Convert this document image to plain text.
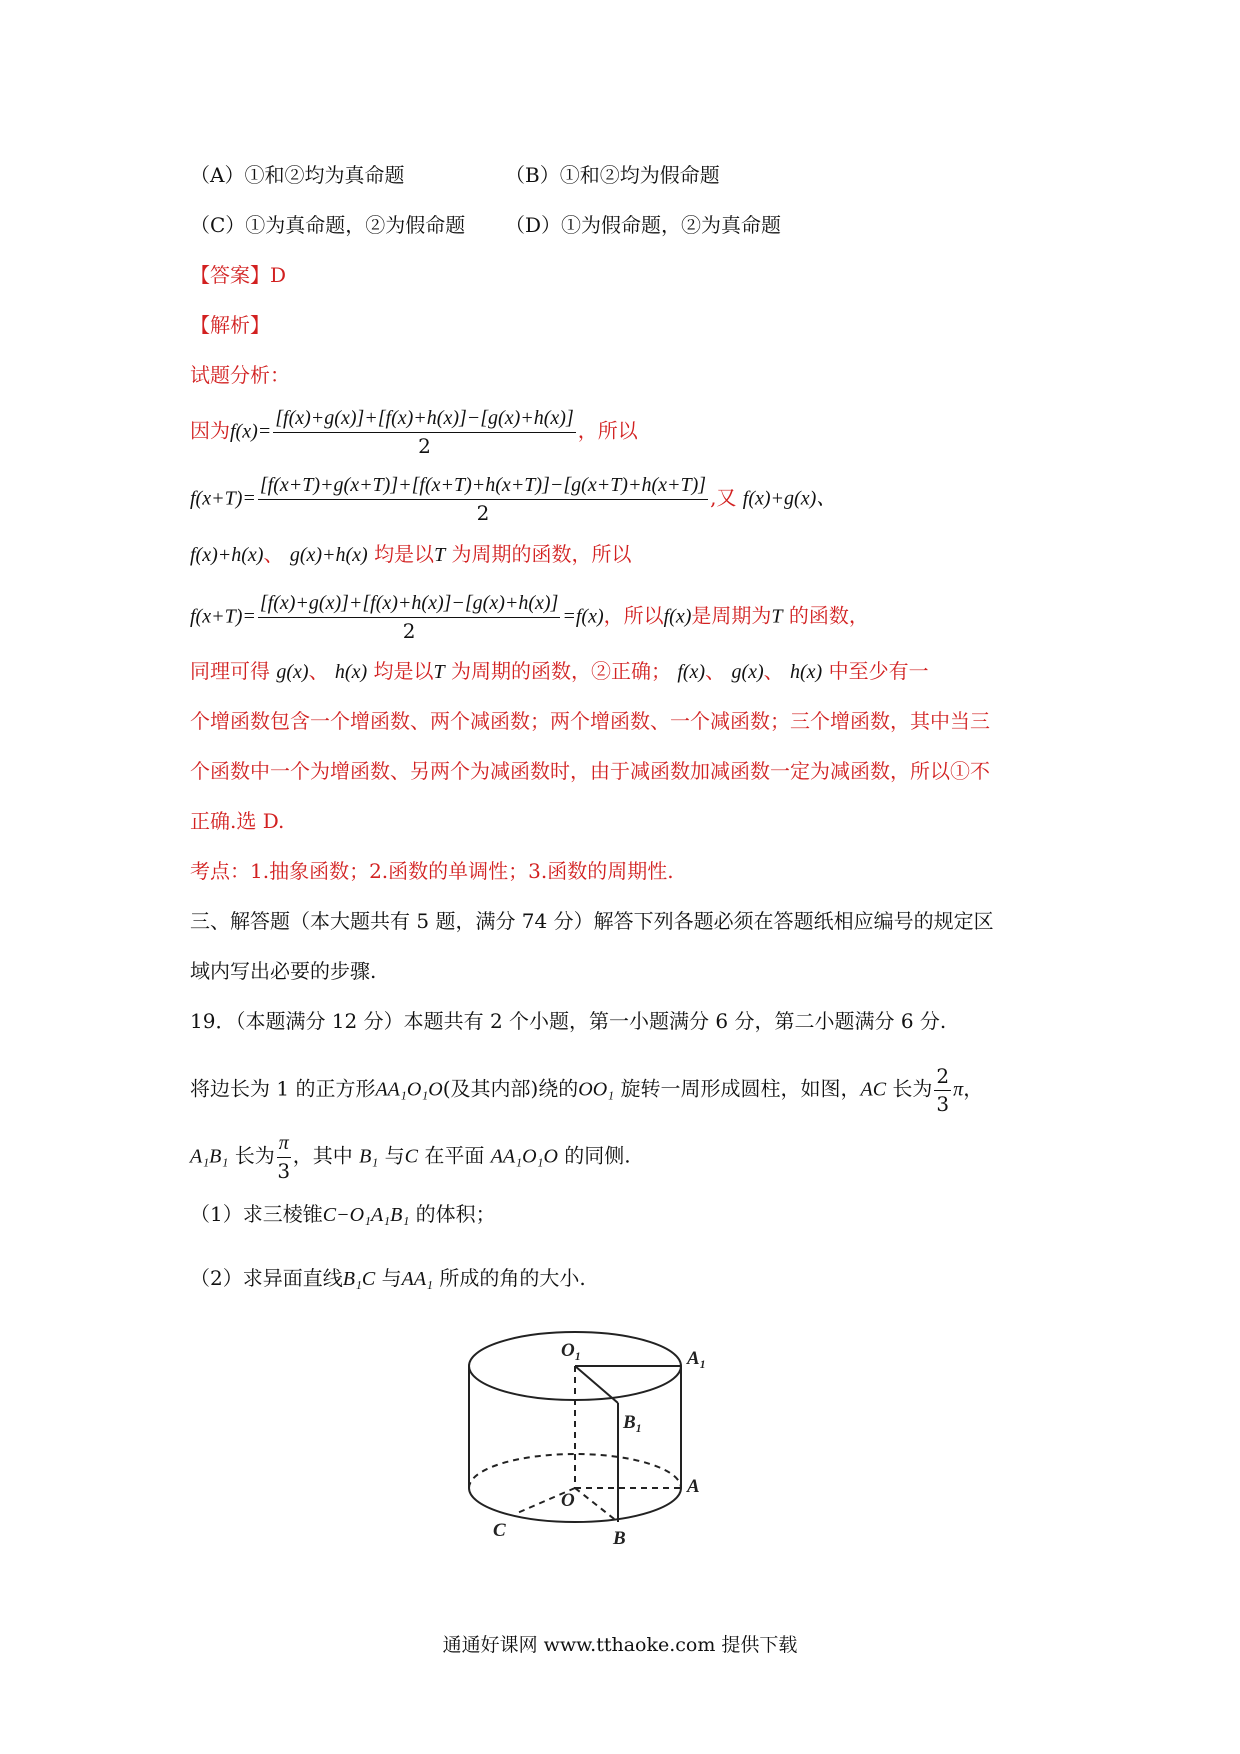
（A）①和②均为真命题	（B）①和②均为假命题
（C）①为真命题，②为假命题 （D）①为假命题，②为真命题
【答案】D
【解析】
试题分析：
因为$f(x)= \frac{[f(x)+g(x)]+[f(x)+h(x)]-[g(x)+h(x)]}{2}$ ，所以
$f(x+T)= \frac{[f(x+T)+g(x+T)]+[f(x+T)+h(x+T)]-[g(x+T)+h(x+T)]}{2}$ ,又 f(x)+g(x)、
f(x)+h(x)、 g(x)+h(x) 均是以T 为周期的函数，所以
$f(x+T)= \frac{[f(x)+g(x)]+[f(x)+h(x)]-[g(x)+h(x)]}{2} =f(x)$，所以f(x)是周期为T 的函数，
同理可得 g(x)、 h(x) 均是以T 为周期的函数，②正确； f(x)、 g(x)、 h(x) 中至少有一
个增函数包含一个增函数、两个减函数；两个增函数、一个减函数；三个增函数，其中当三
个函数中一个为增函数、另两个为减函数时，由于减函数加减函数一定为减函数，所以①不
正确.选 D.
考点：1.抽象函数；2.函数的单调性；3.函数的周期性.
三、解答题（本大题共有 5 题，满分 74 分）解答下列各题必须在答题纸相应编号的规定区
域内写出必要的步骤.
19．（本题满分 12 分）本题共有 2 个小题，第一小题满分 6 分，第二小题满分 6 分.
将边长为 1 的正方形AA₁O₁O(及其内部)绕的OO₁ 旋转一周形成圆柱，如图，AC 长为 $\frac{2}{3}$ π，
A₁B₁ 长为 $\frac{\pi}{3}$ ，其中 B₁ 与C 在平面 AA₁O₁O 的同侧.
（1）求三棱锥C−O₁A₁B₁ 的体积；
（2）求异面直线B₁C 与AA₁ 所成的角的大小.
O₁	A₁
B₁
O
A
B
C
通通好课网 www.tthaoke.com 提供下载
